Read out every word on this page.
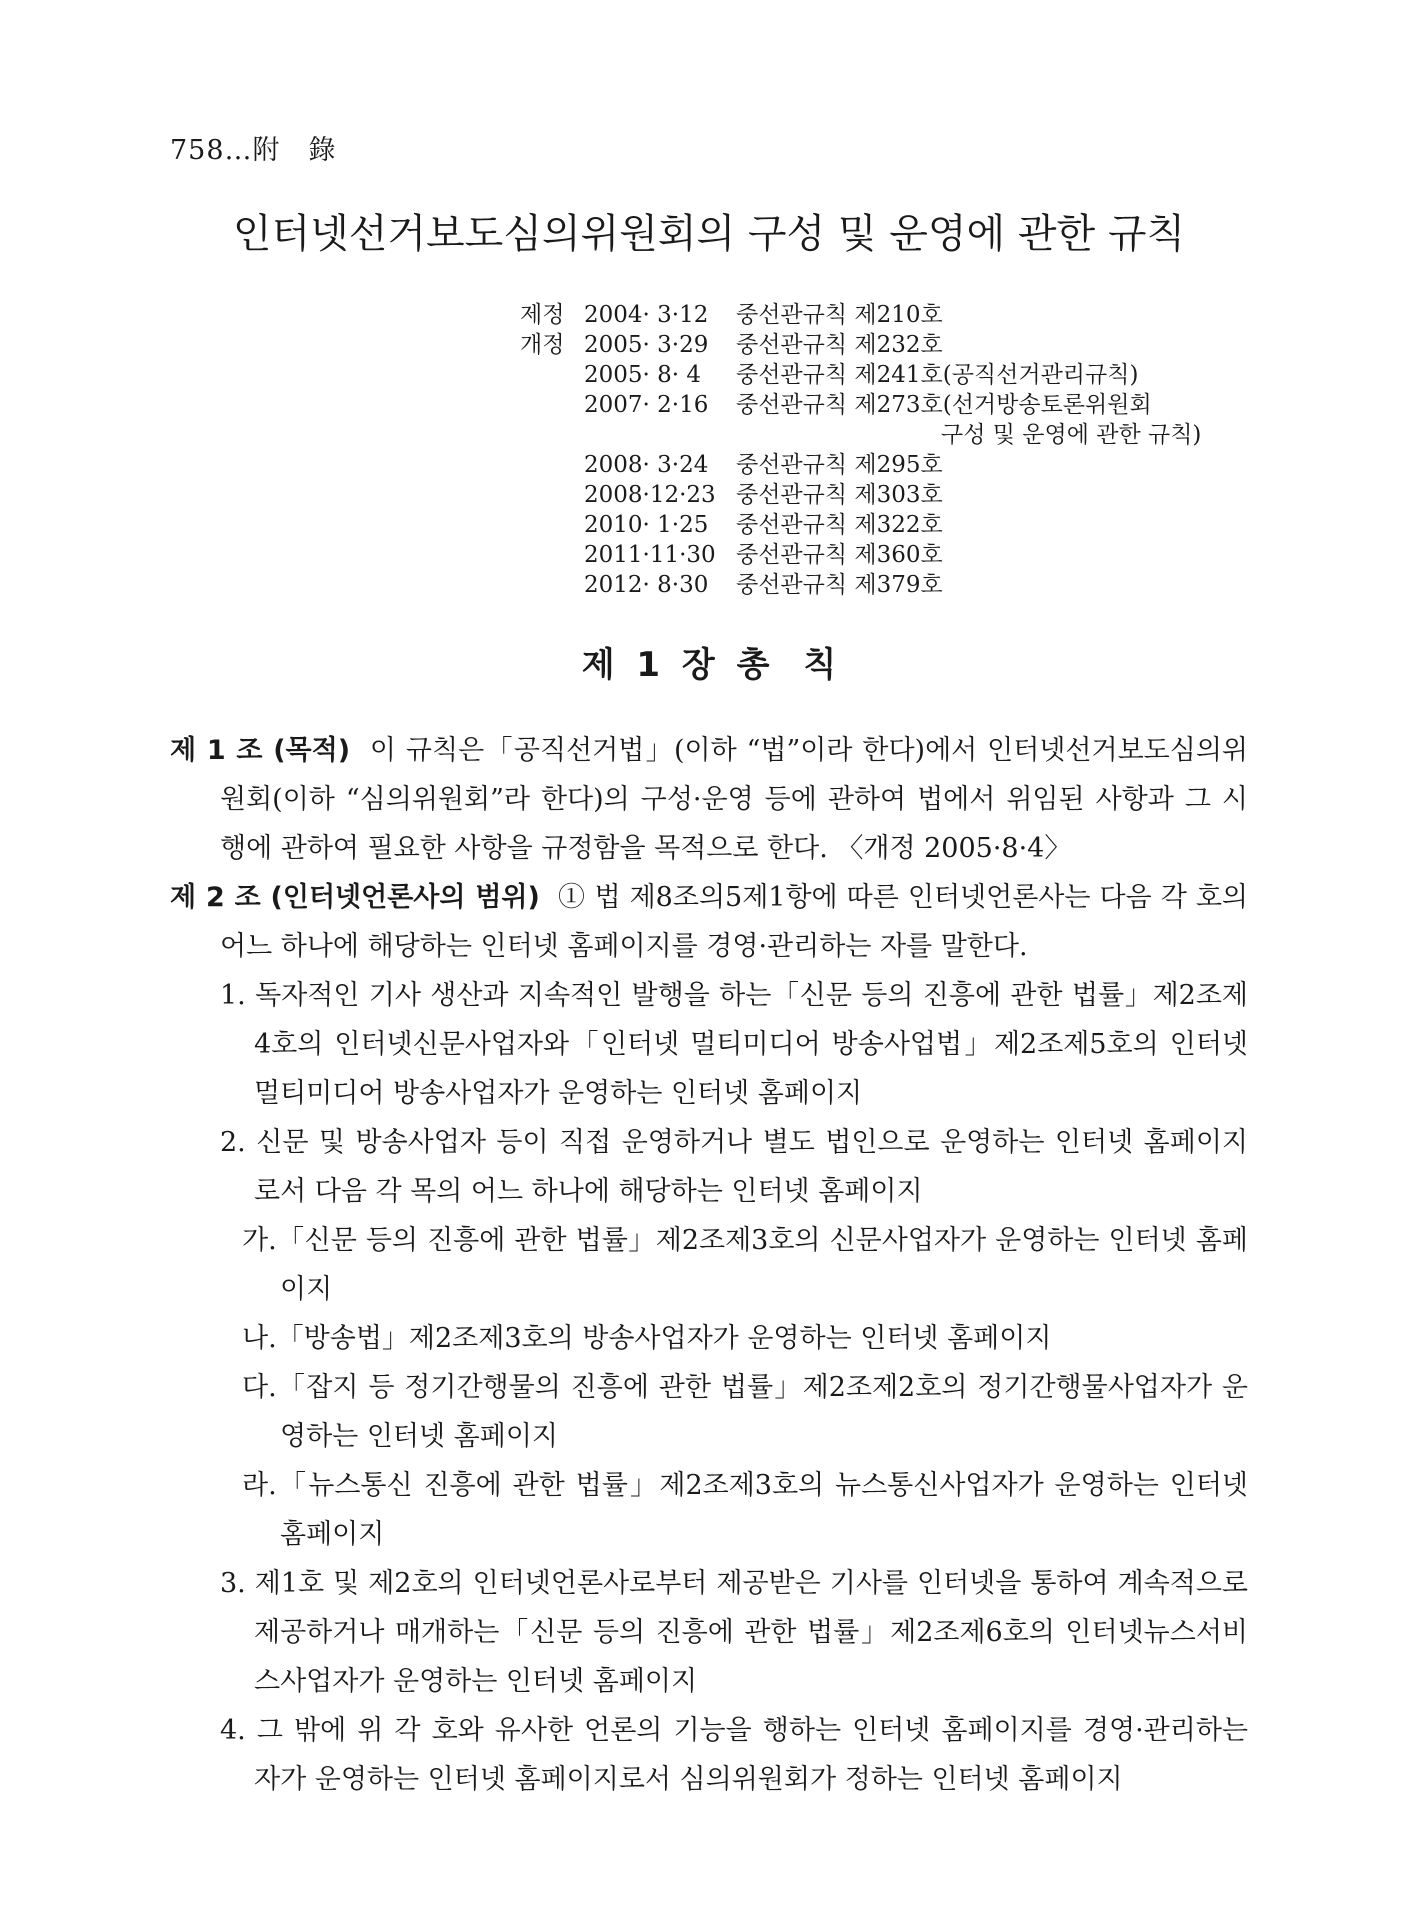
758…附　錄
인터넷선거보도심의위원회의 구성 및 운영에 관한 규칙
제정 2004· 3·12	중선관규칙 제210호
개정 2005· 3·29	중선관규칙 제232호
2005· 8· 4	중선관규칙 제241호(공직선거관리규칙)
2007· 2·16	중선관규칙 제273호(선거방송토론위원회
구성 및 운영에 관한 규칙)
2008· 3·24	중선관규칙 제295호
2008·12·23 중선관규칙 제303호
2010· 1·25	중선관규칙 제322호
2011·11·30 중선관규칙 제360호
2012· 8·30	중선관규칙 제379호
제 1 장 총　칙

제 1 조 (목적) 이 규칙은「공직선거법」(이하 “법”이라 한다)에서 인터넷선거보도심의위원회(이하 “심의위원회”라 한다)의 구성·운영 등에 관하여 법에서 위임된 사항과 그 시행에 관하여 필요한 사항을 규정함을 목적으로 한다. 〈개정 2005·8·4〉

제 2 조 (인터넷언론사의 범위) ① 법 제8조의5제1항에 따른 인터넷언론사는 다음 각 호의 어느 하나에 해당하는 인터넷 홈페이지를 경영·관리하는 자를 말한다.

1. 독자적인 기사 생산과 지속적인 발행을 하는「신문 등의 진흥에 관한 법률」제2조제4호의 인터넷신문사업자와「인터넷 멀티미디어 방송사업법」제2조제5호의 인터넷 멀티미디어 방송사업자가 운영하는 인터넷 홈페이지

2. 신문 및 방송사업자 등이 직접 운영하거나 별도 법인으로 운영하는 인터넷 홈페이지로서 다음 각 목의 어느 하나에 해당하는 인터넷 홈페이지

가.「신문 등의 진흥에 관한 법률」제2조제3호의 신문사업자가 운영하는 인터넷 홈페이지

나.「방송법」제2조제3호의 방송사업자가 운영하는 인터넷 홈페이지

다.「잡지 등 정기간행물의 진흥에 관한 법률」제2조제2호의 정기간행물사업자가 운영하는 인터넷 홈페이지

라.「뉴스통신 진흥에 관한 법률」제2조제3호의 뉴스통신사업자가 운영하는 인터넷 홈페이지

3. 제1호 및 제2호의 인터넷언론사로부터 제공받은 기사를 인터넷을 통하여 계속적으로 제공하거나 매개하는「신문 등의 진흥에 관한 법률」제2조제6호의 인터넷뉴스서비스사업자가 운영하는 인터넷 홈페이지

4. 그 밖에 위 각 호와 유사한 언론의 기능을 행하는 인터넷 홈페이지를 경영·관리하는 자가 운영하는 인터넷 홈페이지로서 심의위원회가 정하는 인터넷 홈페이지
